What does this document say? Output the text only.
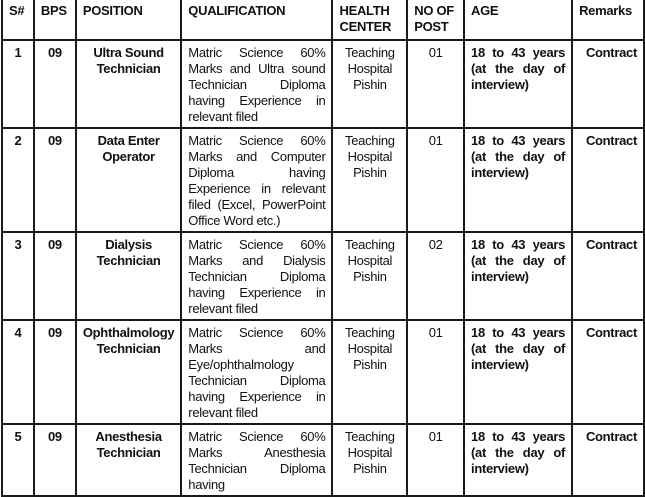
S#	BPS	POSITION	QUALIFICATION	HEALTH CENTER	NO OF POST	AGE	Remarks
1	09	Ultra Sound Technician	Matric Science 60% Marks and Ultra sound Technician Diploma having Experience in relevant filed	Teaching Hospital Pishin	01	18 to 43 years (at the day of interview)	Contract
2	09	Data Enter Operator	Matric Science 60% Marks and Computer Diploma having Experience in relevant filed (Excel, PowerPoint Office Word etc.)	Teaching Hospital Pishin	01	18 to 43 years (at the day of interview)	Contract
3	09	Dialysis Technician	Matric Science 60% Marks and Dialysis Technician Diploma having Experience in relevant filed	Teaching Hospital Pishin	02	18 to 43 years (at the day of interview)	Contract
4	09	Ophthalmology Technician	Matric Science 60% Marks and Eye/ophthalmology Technician Diploma having Experience in relevant filed	Teaching Hospital Pishin	01	18 to 43 years (at the day of interview)	Contract
5	09	Anesthesia Technician	Matric Science 60% Marks Anesthesia Technician Diploma having	Teaching Hospital Pishin	01	18 to 43 years (at the day of interview)	Contract
